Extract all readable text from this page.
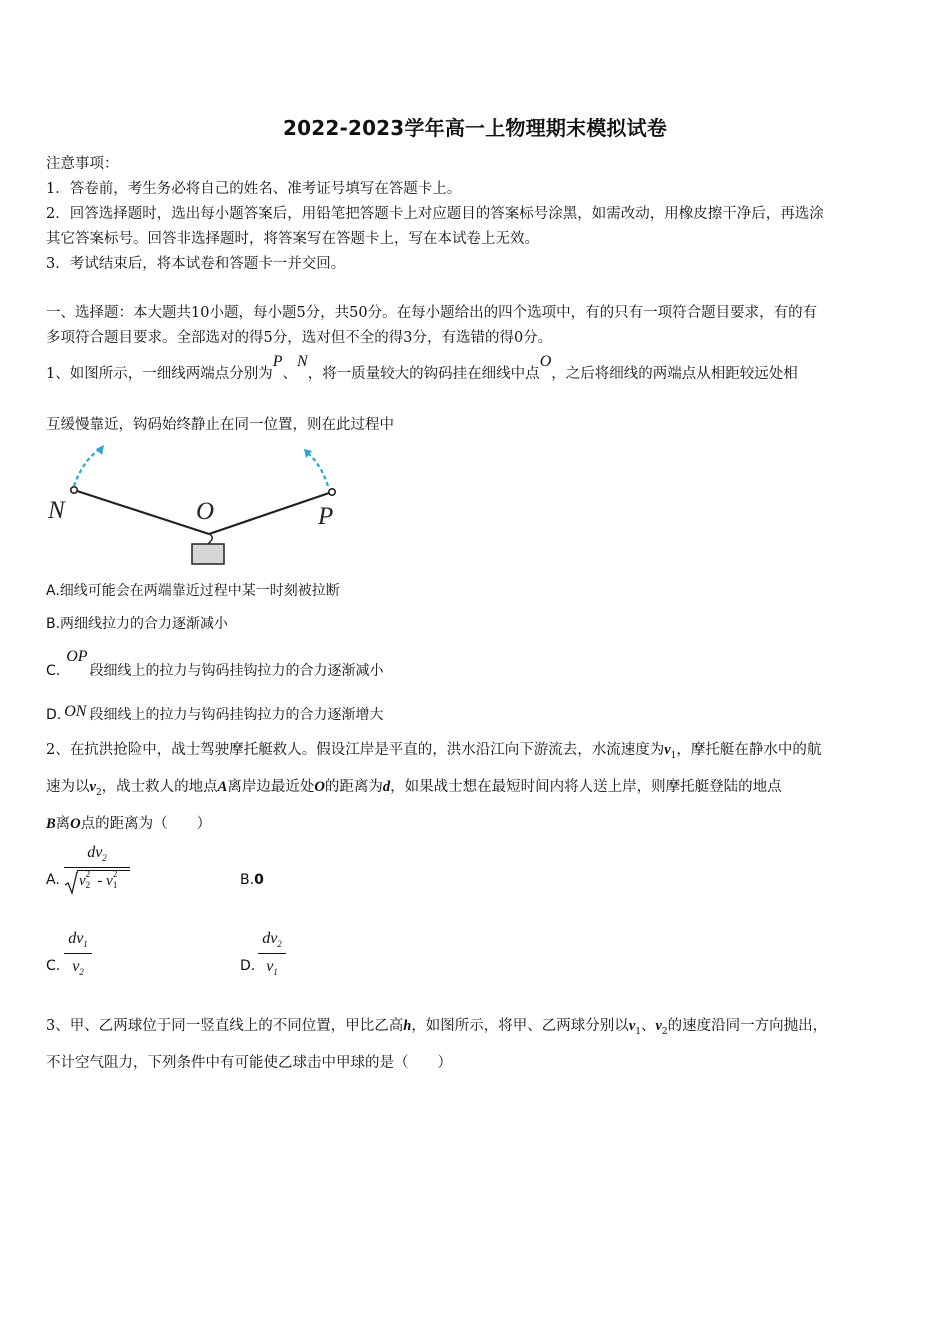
2022-2023学年高一上物理期末模拟试卷
注意事项：
1．答卷前，考生务必将自己的姓名、准考证号填写在答题卡上。
2．回答选择题时，选出每小题答案后，用铅笔把答题卡上对应题目的答案标号涂黑，如需改动，用橡皮擦干净后，再选涂
其它答案标号。回答非选择题时，将答案写在答题卡上，写在本试卷上无效。
3．考试结束后，将本试卷和答题卡一并交回。
一、选择题：本大题共10小题，每小题5分，共50分。在每小题给出的四个选项中，有的只有一项符合题目要求，有的有
多项符合题目要求。全部选对的得5分，选对但不全的得3分，有选错的得0分。
1、如图所示，一细线两端点分别为P、N，将一质量较大的钩码挂在细线中点O，之后将细线的两端点从相距较远处相
互缓慢靠近，钩码始终静止在同一位置，则在此过程中
N	O	P
A.细线可能会在两端靠近过程中某一时刻被拉断
B.两细线拉力的合力逐渐减小
C.OP段细线上的拉力与钩码挂钩拉力的合力逐渐减小
D. ON 段细线上的拉力与钩码挂钩拉力的合力逐渐增大
2、在抗洪抢险中，战士驾驶摩托艇救人。假设江岸是平直的，洪水沿江向下游流去，水流速度为$v_1$，摩托艇在静水中的航
速为以$v_2$，战士救人的地点A离岸边最近处O的距离为d，如果战士想在最短时间内将人送上岸，则摩托艇登陆的地点
B离O点的距离为（　　）
A.
$dv_2$
v 2
2 - v 2
1	B.0
C.
$dv_1$
$v_2$	D.
$dv_2$
$v_1$
3、甲、乙两球位于同一竖直线上的不同位置，甲比乙高h，如图所示，将甲、乙两球分别以$v_1$、$v_2$的速度沿同一方向抛出，
不计空气阻力，下列条件中有可能使乙球击中甲球的是（　　）
